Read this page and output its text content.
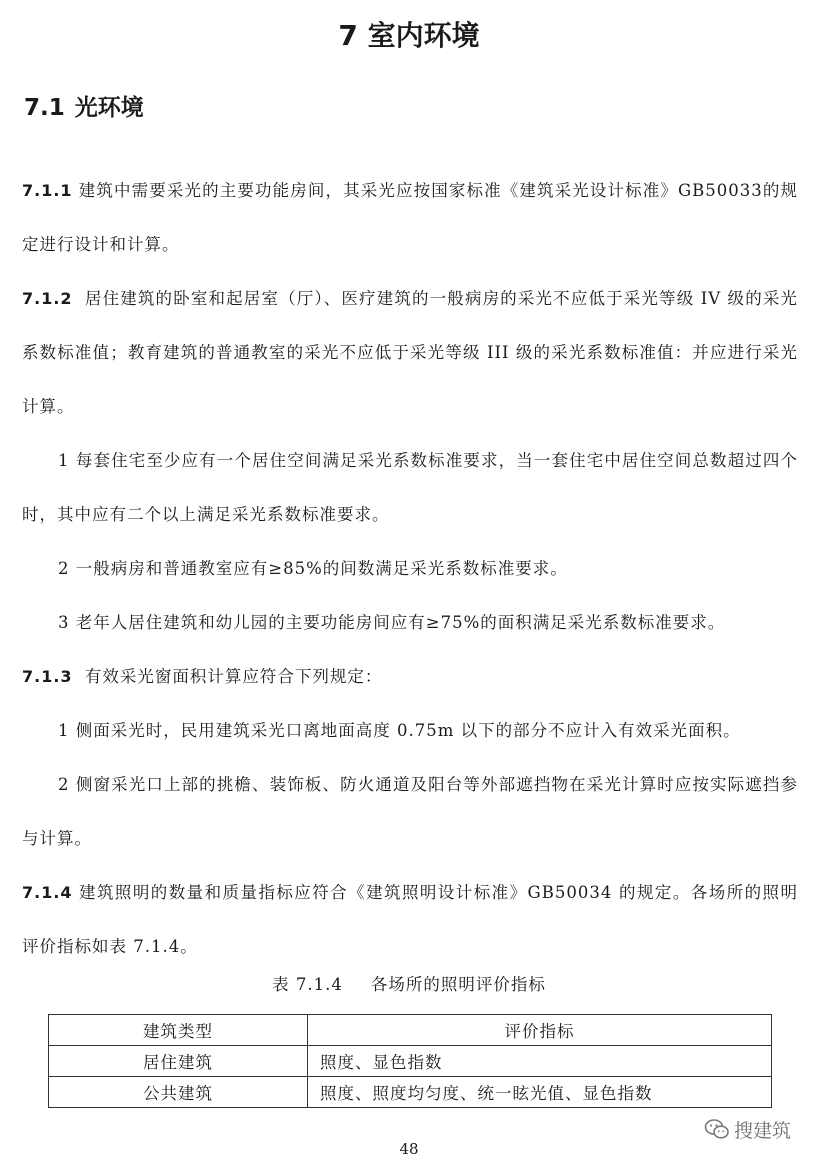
7 室内环境
7.1 光环境

7.1.1 建筑中需要采光的主要功能房间，其采光应按国家标准《建筑采光设计标准》GB50033的规定进行设计和计算。

7.1.2 居住建筑的卧室和起居室（厅）、医疗建筑的一般病房的采光不应低于采光等级 IV 级的采光系数标准值；教育建筑的普通教室的采光不应低于采光等级 III 级的采光系数标准值：并应进行采光计算。

1 每套住宅至少应有一个居住空间满足采光系数标准要求，当一套住宅中居住空间总数超过四个时，其中应有二个以上满足采光系数标准要求。

2 一般病房和普通教室应有≥85%的间数满足采光系数标准要求。

3 老年人居住建筑和幼儿园的主要功能房间应有≥75%的面积满足采光系数标准要求。

7.1.3 有效采光窗面积计算应符合下列规定：

1 侧面采光时，民用建筑采光口离地面高度 0.75m 以下的部分不应计入有效采光面积。

2 侧窗采光口上部的挑檐、装饰板、防火通道及阳台等外部遮挡物在采光计算时应按实际遮挡参与计算。

7.1.4 建筑照明的数量和质量指标应符合《建筑照明设计标准》GB50034 的规定。各场所的照明评价指标如表 7.1.4。

表 7.1.4 各场所的照明评价指标

建筑类型	评价指标
居住建筑	照度、显色指数
公共建筑	照度、照度均匀度、统一眩光值、显色指数

48

搜建筑
